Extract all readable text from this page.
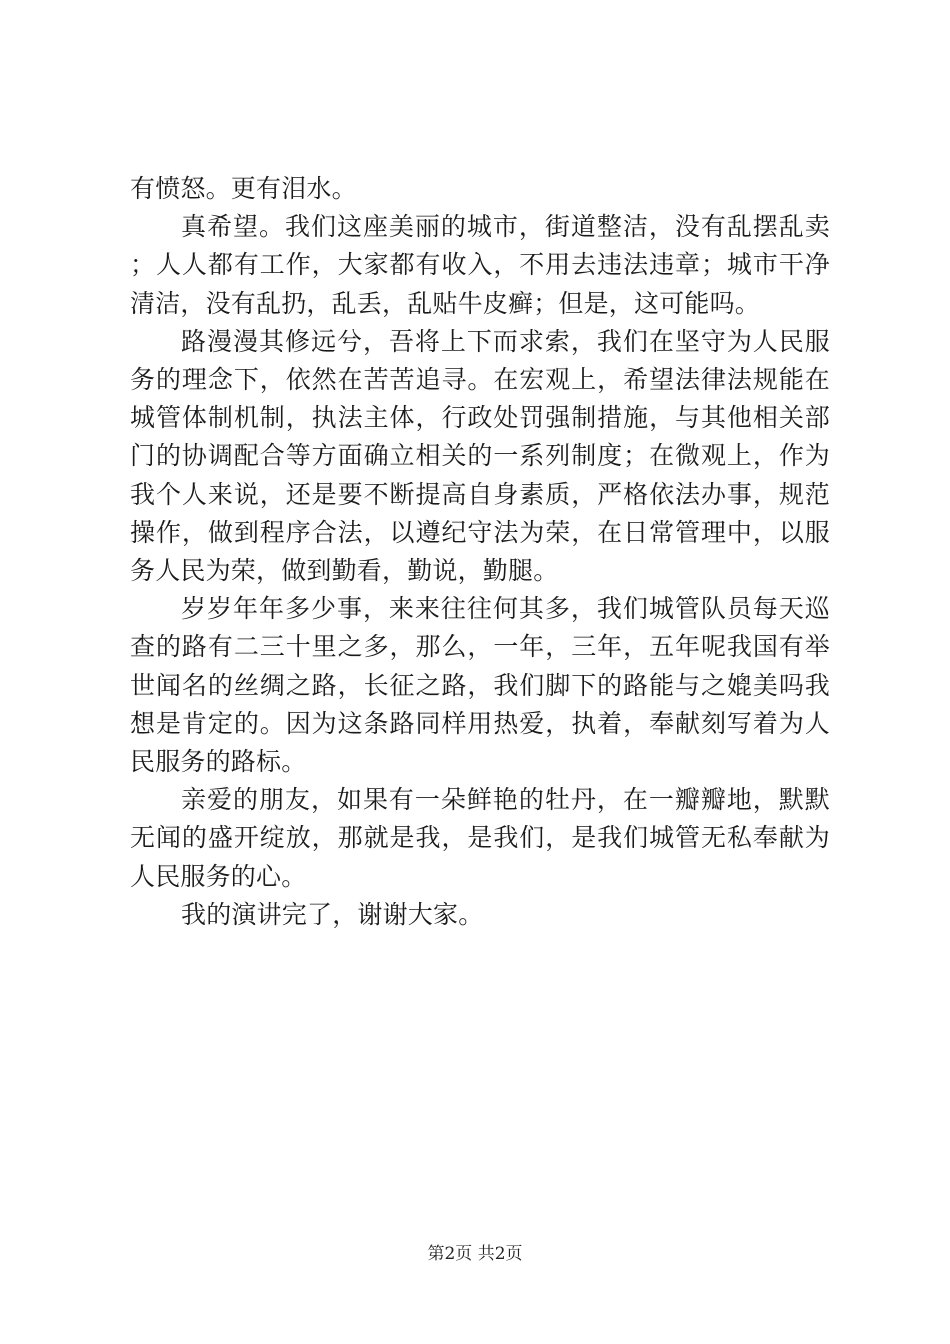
有愤怒。更有泪水。

真希望。我们这座美丽的城市，街道整洁，没有乱摆乱卖；人人都有工作，大家都有收入，不用去违法违章；城市干净清洁，没有乱扔，乱丢，乱贴牛皮癣；但是，这可能吗。

路漫漫其修远兮，吾将上下而求索，我们在坚守为人民服务的理念下，依然在苦苦追寻。在宏观上，希望法律法规能在城管体制机制，执法主体，行政处罚强制措施，与其他相关部门的协调配合等方面确立相关的一系列制度；在微观上，作为我个人来说，还是要不断提高自身素质，严格依法办事，规范操作，做到程序合法，以遵纪守法为荣，在日常管理中，以服务人民为荣，做到勤看，勤说，勤腿。

岁岁年年多少事，来来往往何其多，我们城管队员每天巡查的路有二三十里之多，那么，一年，三年，五年呢我国有举世闻名的丝绸之路，长征之路，我们脚下的路能与之媲美吗我想是肯定的。因为这条路同样用热爱，执着，奉献刻写着为人民服务的路标。

亲爱的朋友，如果有一朵鲜艳的牡丹，在一瓣瓣地，默默无闻的盛开绽放，那就是我，是我们，是我们城管无私奉献为人民服务的心。

我的演讲完了，谢谢大家。

第2页 共2页
